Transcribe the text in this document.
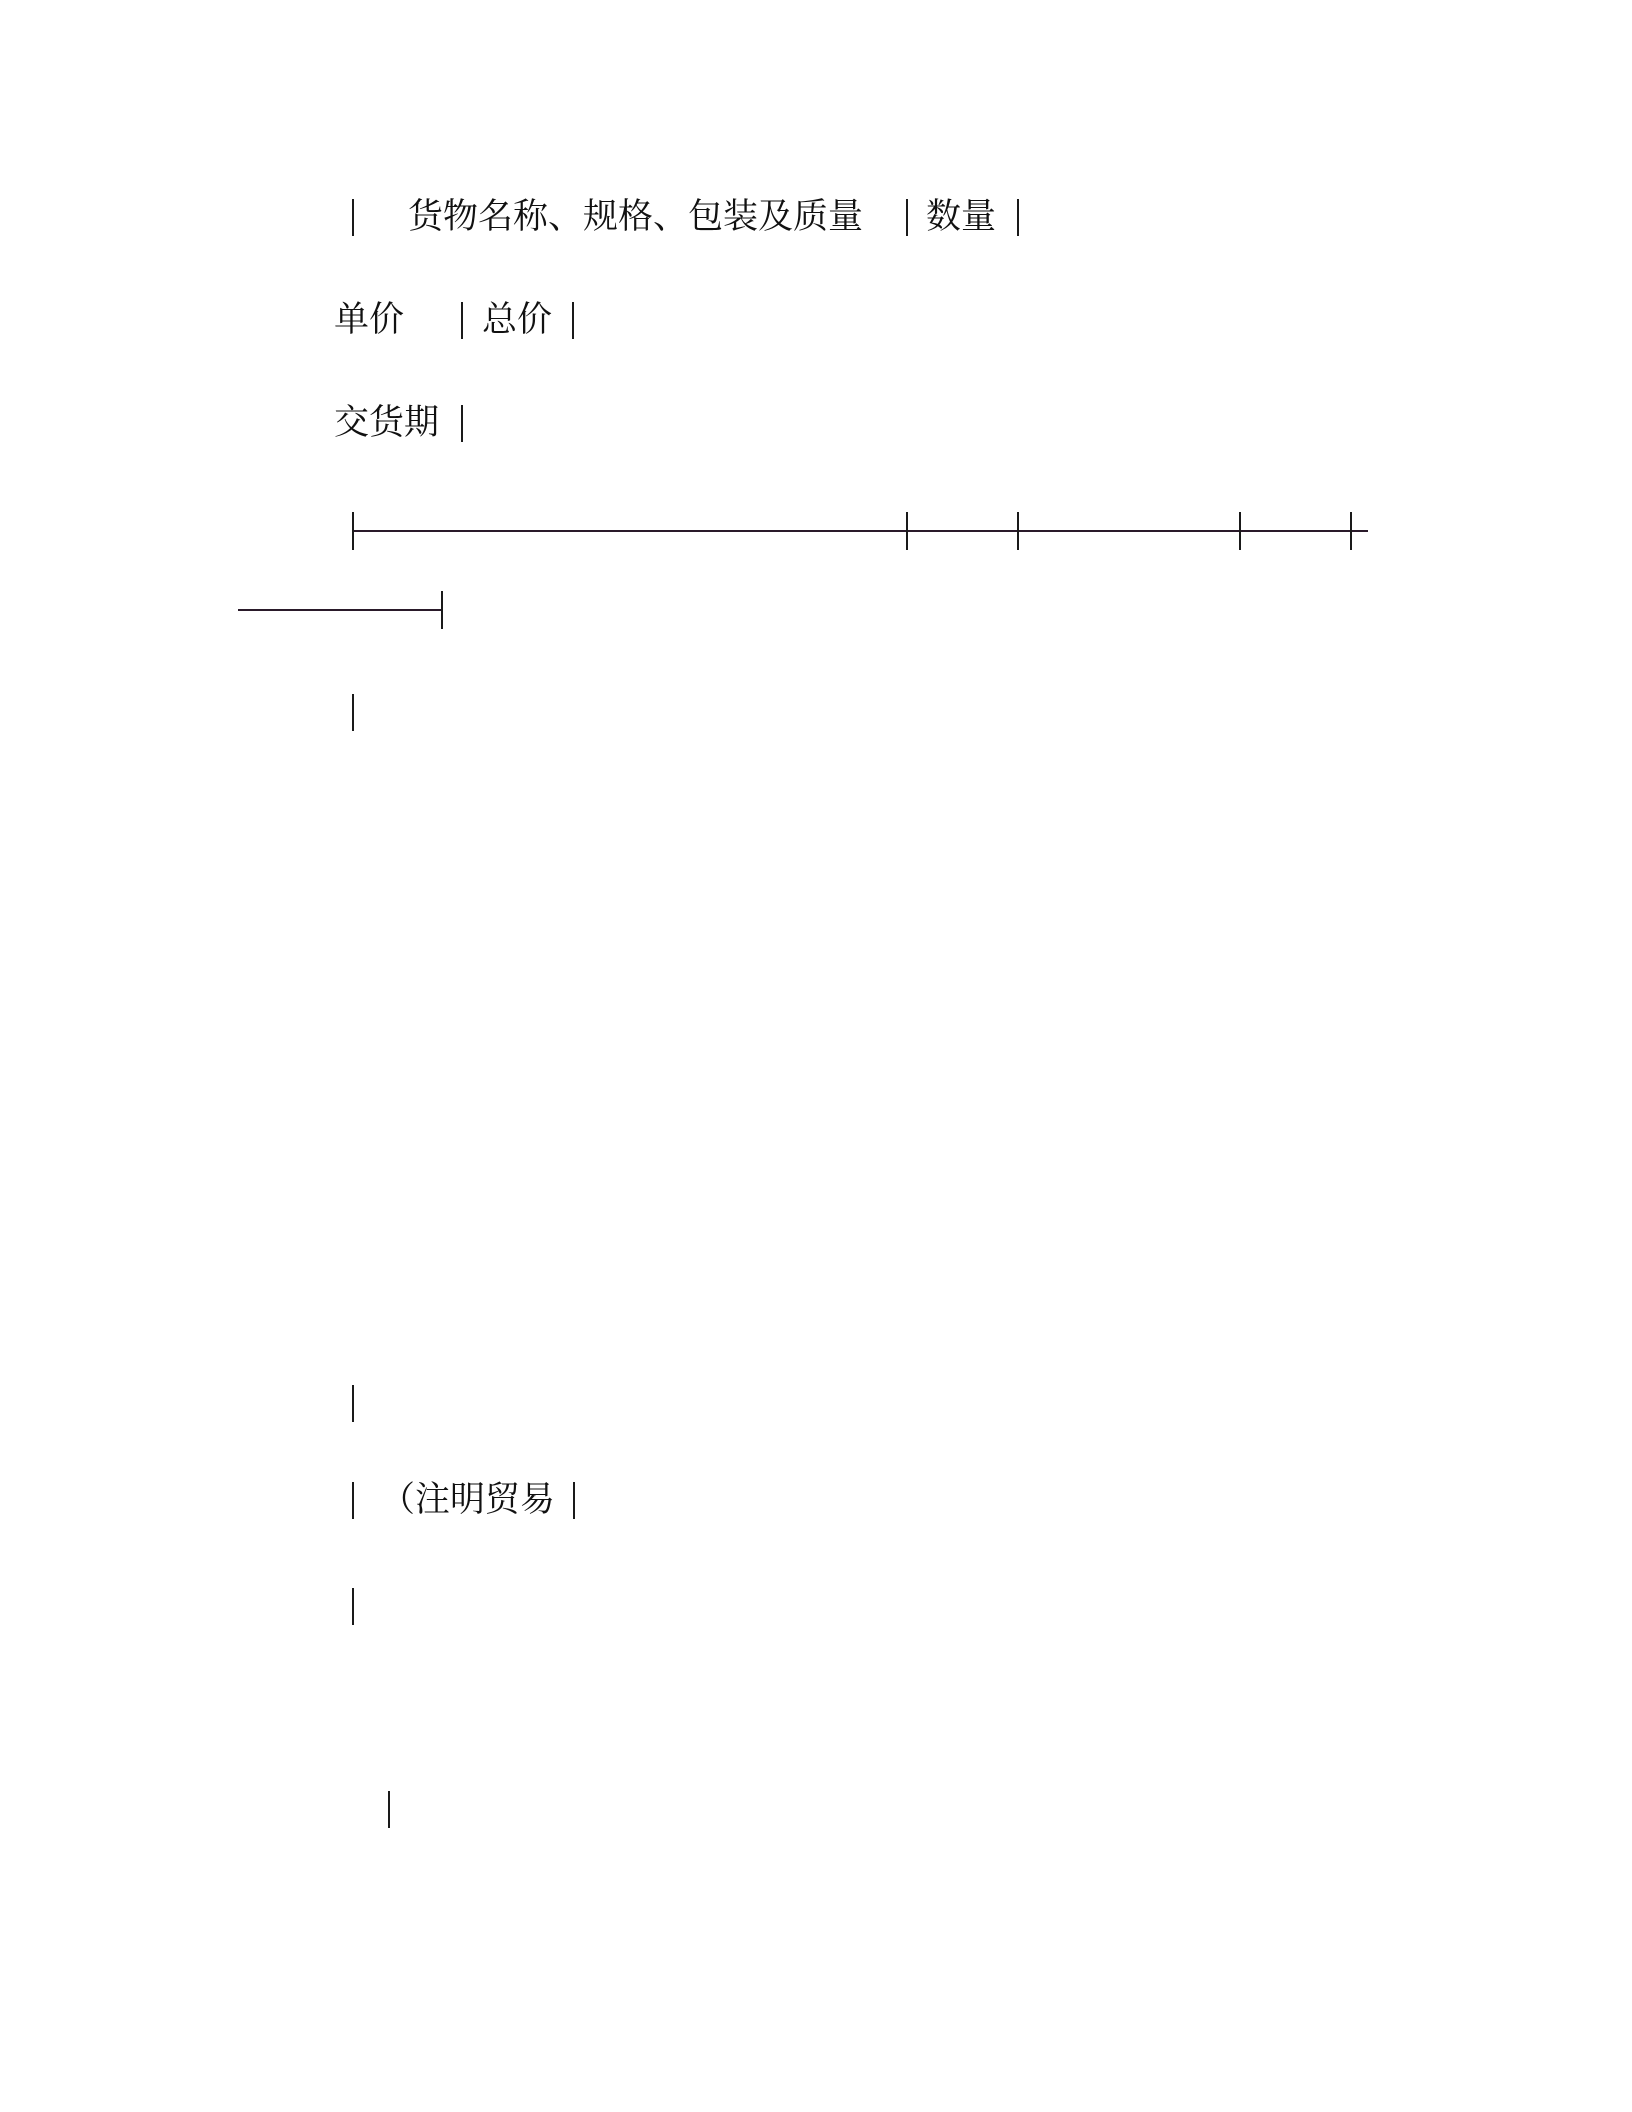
货物名称、规格、包装及质量 数量
单价 总价
交货期
（注明贸易
